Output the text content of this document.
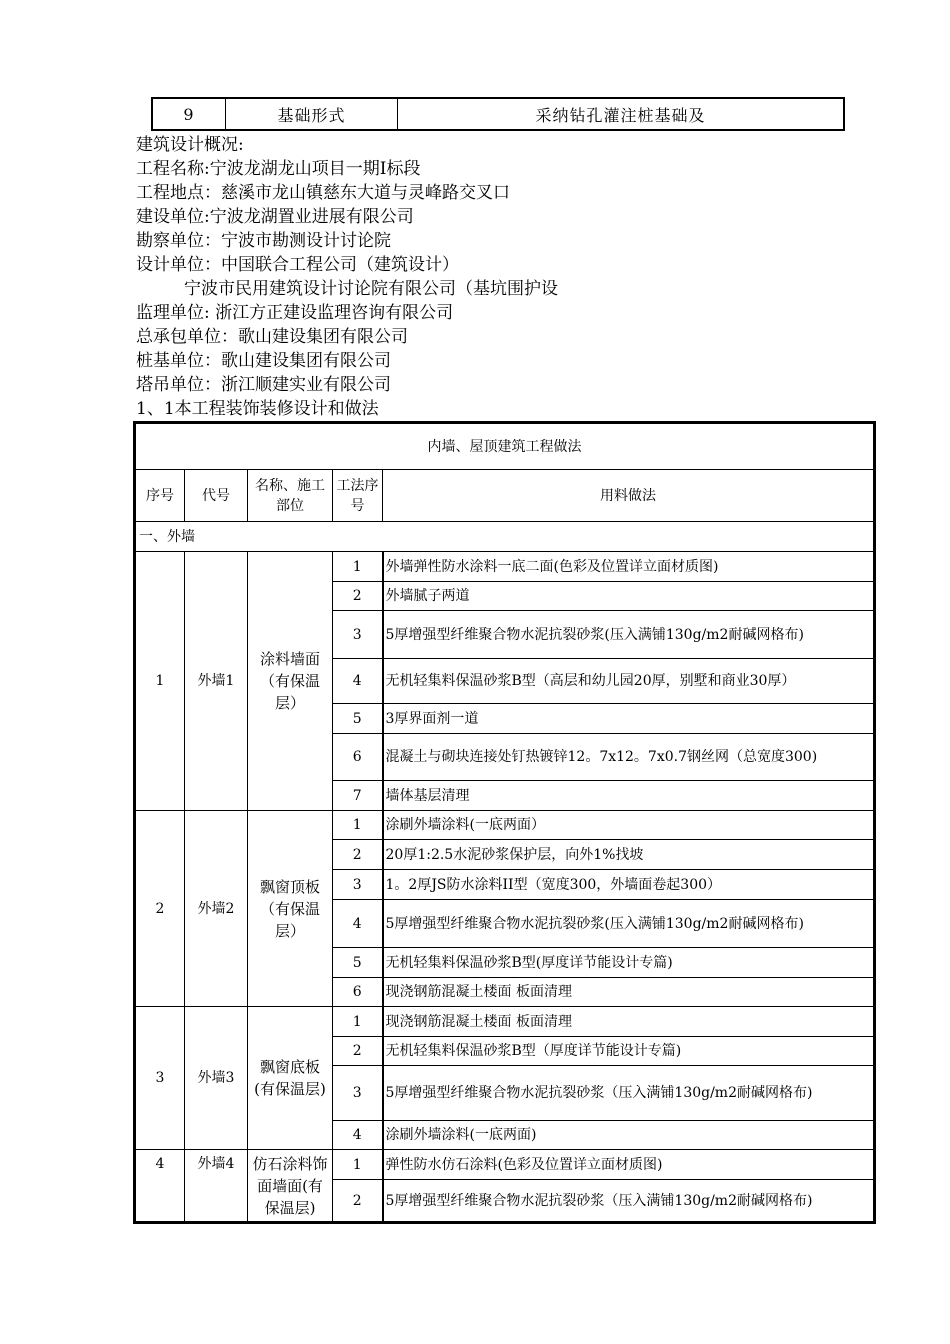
9	基础形式	采纳钻孔灌注桩基础及
建筑设计概况:
工程名称:宁波龙湖龙山项目一期Ⅰ标段
工程地点：慈溪市龙山镇慈东大道与灵峰路交叉口
建设单位:宁波龙湖置业进展有限公司
勘察单位：宁波市勘测设计讨论院
设计单位：中国联合工程公司（建筑设计）
宁波市民用建筑设计讨论院有限公司（基坑围护设
监理单位: 浙江方正建设监理咨询有限公司
总承包单位：歌山建设集团有限公司
桩基单位：歌山建设集团有限公司
塔吊单位：浙江顺建实业有限公司
1、1本工程装饰装修设计和做法
内墙、屋顶建筑工程做法				
序号	代号	名称、施工部位	工法序号	用料做法
一、外墙				
1	外墙1	涂料墙面（有保温层）	1	外墙弹性防水涂料一底二面(色彩及位置详立面材质图)
			2	外墙腻子两道
			3	5厚增强型纤维聚合物水泥抗裂砂浆(压入满铺130g/m2耐碱网格布)
			4	无机轻集料保温砂浆B型（高层和幼儿园20厚，别墅和商业30厚）
			5	3厚界面剂一道
			6	混凝土与砌块连接处钉热镀锌12。7x12。7x0.7钢丝网（总宽度300)
			7	墙体基层清理
2	外墙2	飘窗顶板（有保温层）	1	涂刷外墙涂料(一底两面）
			2	20厚1:2.5水泥砂浆保护层，向外1%找坡
			3	1。2厚JS防水涂料II型（宽度300，外墙面卷起300）
			4	5厚增强型纤维聚合物水泥抗裂砂浆(压入满铺130g/m2耐碱网格布)
			5	无机轻集料保温砂浆B型(厚度详节能设计专篇)
			6	现浇钢筋混凝土楼面 板面清理
3	外墙3	飘窗底板(有保温层)	1	现浇钢筋混凝土楼面 板面清理
			2	无机轻集料保温砂浆B型（厚度详节能设计专篇)
			3	5厚增强型纤维聚合物水泥抗裂砂浆（压入满铺130g/m2耐碱网格布)
			4	涂刷外墙涂料(一底两面)
4	外墙4	仿石涂料饰面墙面(有保温层)	1	弹性防水仿石涂料(色彩及位置详立面材质图)
			2	5厚增强型纤维聚合物水泥抗裂砂浆（压入满铺130g/m2耐碱网格布)
